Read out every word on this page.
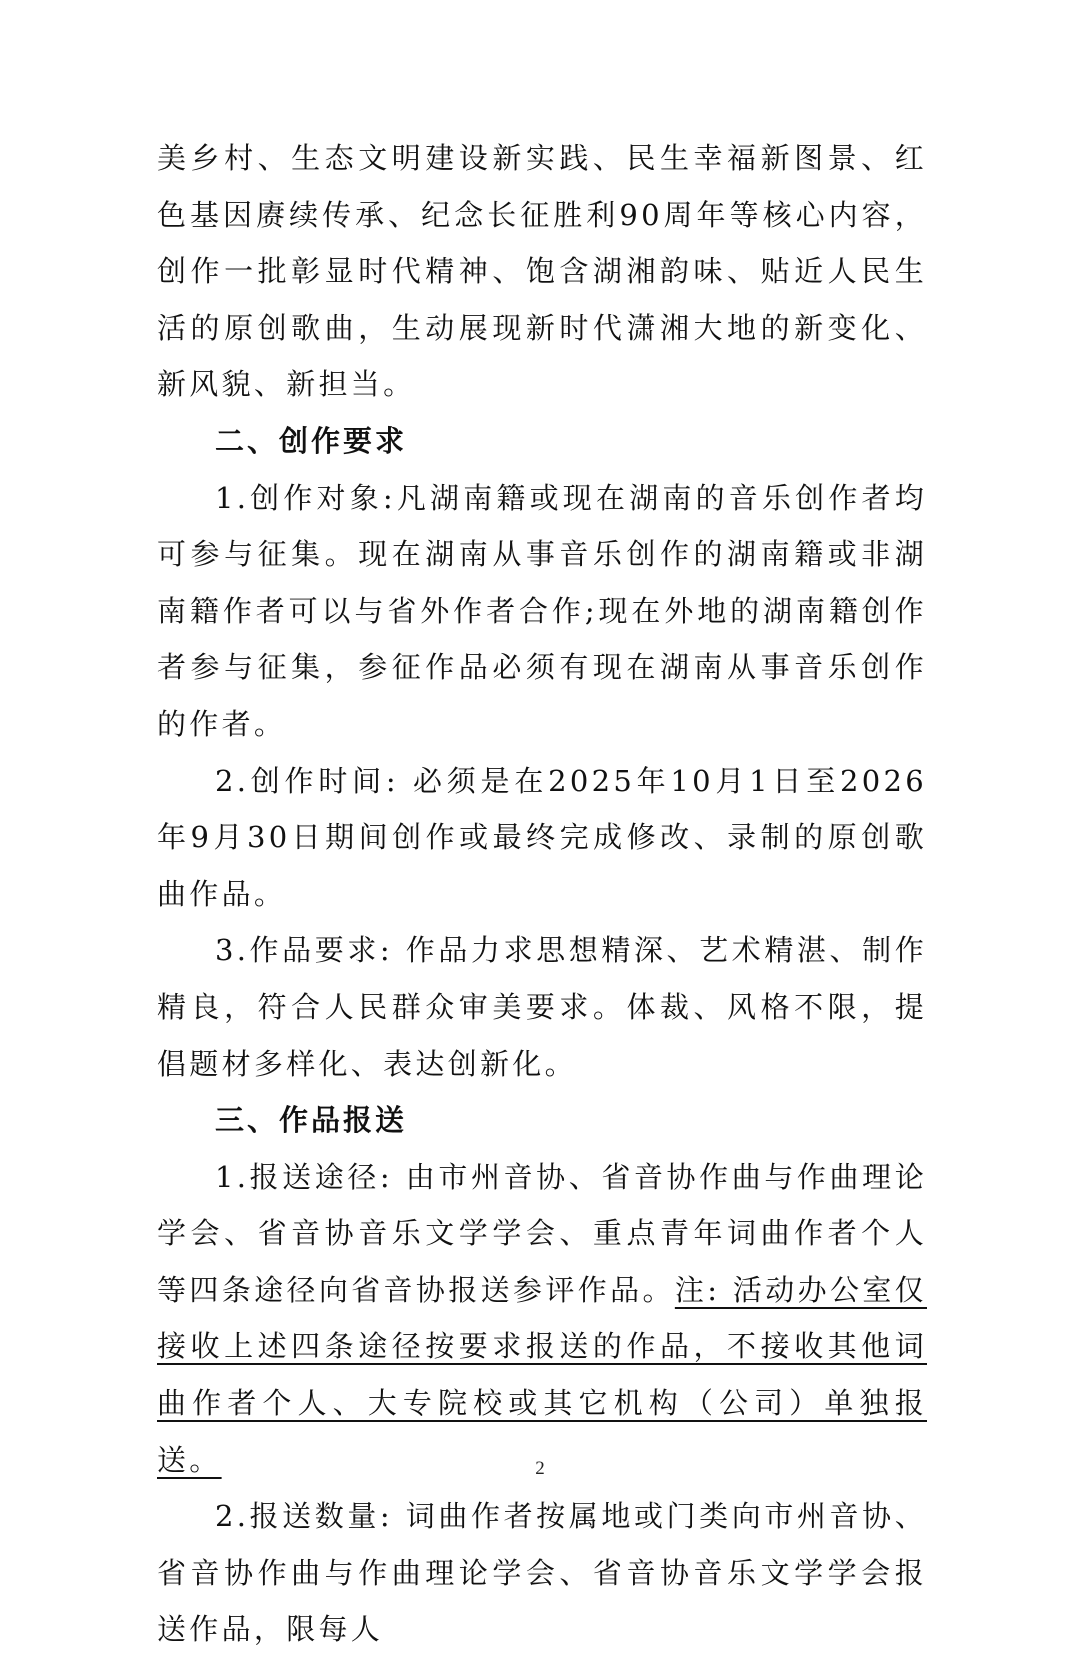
美乡村、生态文明建设新实践、民生幸福新图景、红色基因赓续传承、纪念长征胜利90周年等核心内容，创作一批彰显时代精神、饱含湖湘韵味、贴近人民生活的原创歌曲，生动展现新时代潇湘大地的新变化、新风貌、新担当。

二、创作要求

1.创作对象:凡湖南籍或现在湖南的音乐创作者均可参与征集。现在湖南从事音乐创作的湖南籍或非湖南籍作者可以与省外作者合作;现在外地的湖南籍创作者参与征集，参征作品必须有现在湖南从事音乐创作的作者。

2.创作时间: 必须是在2025年10月1日至2026年9月30日期间创作或最终完成修改、录制的原创歌曲作品。

3.作品要求: 作品力求思想精深、艺术精湛、制作精良，符合人民群众审美要求。体裁、风格不限，提倡题材多样化、表达创新化。

三、作品报送

1.报送途径: 由市州音协、省音协作曲与作曲理论学会、省音协音乐文学学会、重点青年词曲作者个人等四条途径向省音协报送参评作品。注: 活动办公室仅接收上述四条途径按要求报送的作品，不接收其他词曲作者个人、大专院校或其它机构（公司）单独报送。

2.报送数量: 词曲作者按属地或门类向市州音协、省音协作曲与作曲理论学会、省音协音乐文学学会报送作品，限每人

2
